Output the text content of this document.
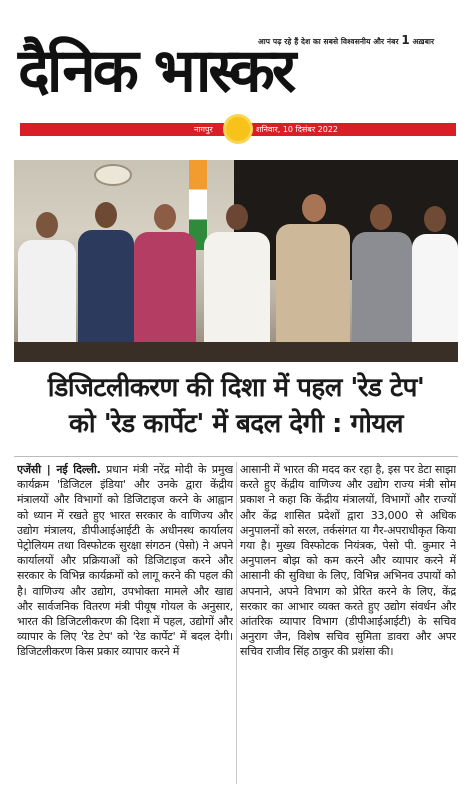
आप पढ़ रहे हैं देश का सबसे विश्वसनीय और नंबर 1 अख़बार
दैनिक भास्कर
नागपुर	शनिवार, 10 दिसंबर 2022
डिजिटलीकरण की दिशा में पहल 'रेड टेप'
को 'रेड कार्पेट' में बदल देगी : गोयल
एजेंसी | नई दिल्ली. प्रधान मंत्री नरेंद्र मोदी के प्रमुख कार्यक्रम 'डिजिटल इंडिया' और उनके द्वारा केंद्रीय मंत्रालयों और विभागों को डिजिटाइज करने के आह्वान को ध्यान में रखते हुए भारत सरकार के वाणिज्य और उद्योग मंत्रालय, डीपीआईआईटी के अधीनस्थ कार्यालय पेट्रोलियम तथा विस्फोटक सुरक्षा संगठन (पेसो) ने अपने कार्यालयों और प्रक्रियाओं को डिजिटाइज करने और सरकार के विभिन्न कार्यक्रमों को लागू करने की पहल की है। वाणिज्य और उद्योग, उपभोक्ता मामले और खाद्य और सार्वजनिक वितरण मंत्री पीयूष गोयल के अनुसार, भारत की डिजिटलीकरण की दिशा में पहल, उद्योगों और व्यापार के लिए 'रेड टेप' को 'रेड कार्पेट' में बदल देगी। डिजिटलीकरण किस प्रकार व्यापार करने में
आसानी में भारत की मदद कर रहा है, इस पर डेटा साझा करते हुए केंद्रीय वाणिज्य और उद्योग राज्य मंत्री सोम प्रकाश ने कहा कि केंद्रीय मंत्रालयों, विभागों और राज्यों और केंद्र शासित प्रदेशों द्वारा 33,000 से अधिक अनुपालनों को सरल, तर्कसंगत या गैर-अपराधीकृत किया गया है। मुख्य विस्फोटक नियंत्रक, पेसो पी. कुमार ने अनुपालन बोझ को कम करने और व्यापार करने में आसानी की सुविधा के लिए, विभिन्न अभिनव उपायों को अपनाने, अपने विभाग को प्रेरित करने के लिए, केंद्र सरकार का आभार व्यक्त करते हुए उद्योग संवर्धन और आंतरिक व्यापार विभाग (डीपीआईआईटी) के सचिव अनुराग जैन, विशेष सचिव सुमिता डावरा और अपर सचिव राजीव सिंह ठाकुर की प्रशंसा की।
